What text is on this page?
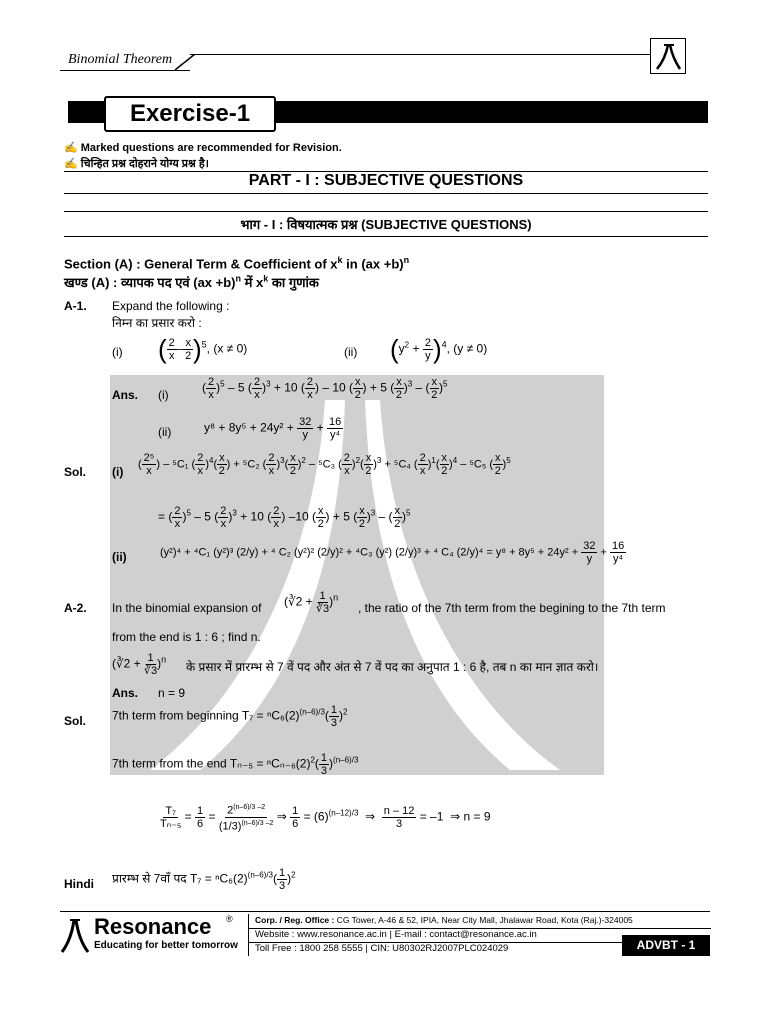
Binomial Theorem
Exercise-1
✍ Marked questions are recommended for Revision.
✍ चिन्हित प्रश्न दोहराने योग्य प्रश्न है।
PART - I : SUBJECTIVE QUESTIONS
भाग - I : विषयात्मक प्रश्न (SUBJECTIVE QUESTIONS)
Section (A) : General Term & Coefficient of $x^k$ in (ax +b)$^n$
खण्ड (A) : व्यापक पद एवं (ax +b)$^n$ में $x^k$ का गुणांक
A-1. Expand the following :
निम्न का प्रसार करो :
(i) ( $\frac{2}{x} - \frac{x}{2} )^5$, (x ≠ 0)	(ii) $(y^2 + \frac{2}{y} )^4$, (y ≠ 0)
Ans. (i)
( $\frac{2}{x} )^5 - 5$ ( $\frac{2}{x} )^3 + 10$ ( $\frac{2}{x}$ ) – 10 ( $\frac{x}{2}$ ) + 5 ( $\frac{x}{2} )^3$ – ( $\frac{x}{2} )^5$
(ii)	$y^8 + 8y^5 + 24y^2 + \frac{32}{y} + \frac{16}{\text{y⁴}}$
Sol. (i)
( $\frac{\text{2⁵}}{x}$ ) – ⁵C₁ ( $\frac{2}{x} )^4( \frac{x}{2}$ ) + ⁵C₂ ( $\frac{2}{x} )^3( \frac{x}{2} )^2 - ^5C_3$ ( $\frac{2}{x} )^2( \frac{x}{2} )^3 + ^5C_4$ ( $\frac{2}{x} )^1( \frac{x}{2} )^4 - ^5C_5$ ( $\frac{x}{2} )^5$
= ( $\frac{2}{x} )^5 - 5$ ( $\frac{2}{x} )^3 + 10$ ( $\frac{2}{x}$ ) –10 ( $\frac{x}{2}$ ) + 5 ( $\frac{x}{2} )^3$ – ( $\frac{x}{2} )^5$
(ii)	(y²)⁴ + ⁴C₁ (y²)³ (2/y) + ⁴ C₂ (y²)² (2/y)² + ⁴C₃ (y²) (2/y)³ + ⁴ C₄ $(2/y)^4 = y^8 + 8y^5 + 24y^2 + \frac{32}{y} + \frac{16}{\text{y⁴}}$
A-2. In the binomial expansion of (∛2 + $\frac{1}{∛3} )^n$
, the ratio of the 7th term from the begining to the 7th term
from the end is 1 : 6 ; find n.
(∛2 + $\frac{1}{∛3} )^n$
के प्रसार में प्रारम्भ से 7 वें पद और अंत से 7 वें पद का अनुपात 1 : 6 है, तब n का मान ज्ञात करो।
Ans. n = 9
Sol. 7th term from beginning $T_7 = ^nC_6(2)^{(n-6)/3}( \frac{1}{3} )^2$
7th term from the end $T_{n-5} = ^nC_{n-6}(2)^2( \frac{1}{3} )^{(n-6)/3}$
$\frac{\text{T₇}}{\text{Tₙ₋₅}} = \frac{1}{6} = \frac{2^{(n-6)/3 -2}}{(1/3)^{(n-6)/3 -2}}$ ⇒ $\frac{1}{6} = (6)^{(n-12)/3}$  ⇒ $\frac{n - 12}{3} = -1$  ⇒ n = 9
Hindi प्रारम्भ से 7वाँ पद $T_7 = ^nC_6(2)^{(n-6)/3}( \frac{1}{3} )^2$
Resonance ®
Educating for better tomorrow
Corp. / Reg. Office : CG Tower, A-46 & 52, IPIA, Near City Mall, Jhalawar Road, Kota (Raj.)-324005
Website : www.resonance.ac.in | E-mail : contact@resonance.ac.in
Toll Free : 1800 258 5555 | CIN: U80302RJ2007PLC024029	ADVBT - 1
